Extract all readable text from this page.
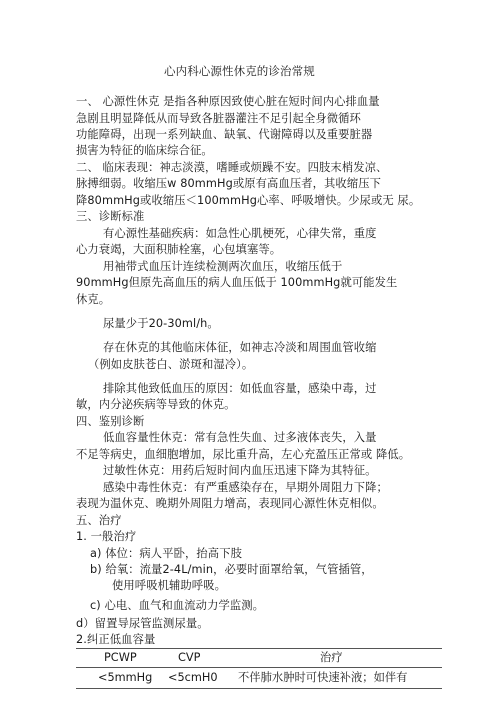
心内科心源性休克的诊治常规

一、 心源性休克 是指各种原因致使心脏在短时间内心排血量

急剧且明显降低从而导致各脏器灌注不足引起全身微循环

功能障碍，出现一系列缺血、缺氧、代谢障碍以及重要脏器

损害为特征的临床综合征。

二、 临床表现：神志淡漠，嗜睡或烦躁不安。四肢末梢发凉、

脉搏细弱。收缩压w 80mmHg或原有高血压者，其收缩压下

降80mmHg或收缩压＜100mmHg心率、呼吸增快。少尿或无 尿。

三、诊断标准

有心源性基础疾病：如急性心肌梗死，心律失常，重度

心力衰竭，大面积肺栓塞，心包填塞等。

用袖带式血压计连续检测两次血压，收缩压低于

90mmHg但原先高血压的病人血压低于 100mmHg就可能发生

休克。

尿量少于20-30ml/h。

存在休克的其他临床体征，如神志冷淡和周围血管收缩

（例如皮肤苍白、淤斑和湿冷）。

排除其他致低血压的原因：如低血容量，感染中毒，过

敏，内分泌疾病等导致的休克。

四、鉴别诊断

低血容量性休克：常有急性失血、过多液体丧失，入量

不足等病史，血细胞增加，尿比重升高，左心充盈压正常或 降低。

过敏性休克：用药后短时间内血压迅速下降为其特征。

感染中毒性休克：有严重感染存在，早期外周阻力下降；

表现为温休克、晚期外周阻力增高，表现同心源性休克相似。

五、治疗

1. 一般治疗

a) 体位：病人平卧，抬高下肢

b) 给氧：流量2-4L/min，必要时面罩给氧，气管插管，

使用呼吸机辅助呼吸。

c) 心电、血气和血流动力学监测。

d）留置导尿管监测尿量。

2.纠正低血容量

PCWP	CVP	治疗

<5mmHg <5cmH0 不伴肺水肿时可快速补液；如伴有
